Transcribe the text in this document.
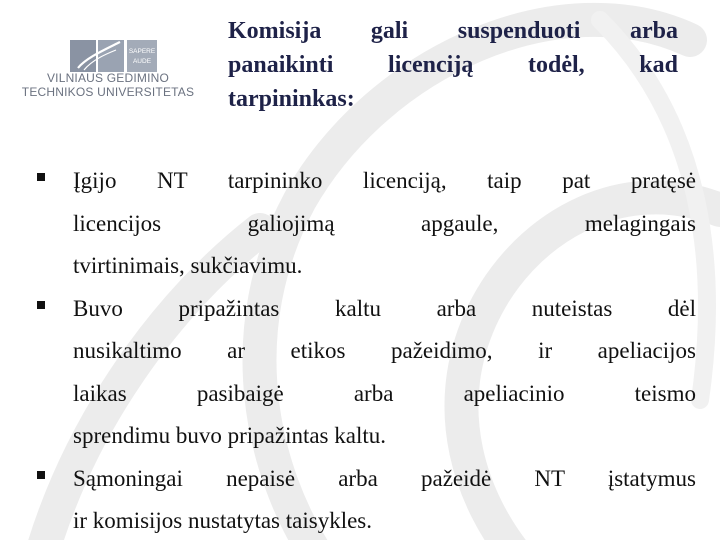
SAPERE
AUDE
VILNIAUS GEDIMINO
TECHNIKOS UNIVERSITETAS
Komisija gali suspenduoti arba
panaikinti licenciją todėl, kad
tarpininkas:
Įgijo NT tarpininko licenciją, taip pat pratęsė
licencijos galiojimą apgaule, melagingais
tvirtinimais, sukčiavimu.
Buvo pripažintas kaltu arba nuteistas dėl
nusikaltimo ar etikos pažeidimo, ir apeliacijos
laikas pasibaigė arba apeliacinio teismo
sprendimu buvo pripažintas kaltu.
Sąmoningai nepaisė arba pažeidė NT įstatymus
ir komisijos nustatytas taisykles.
